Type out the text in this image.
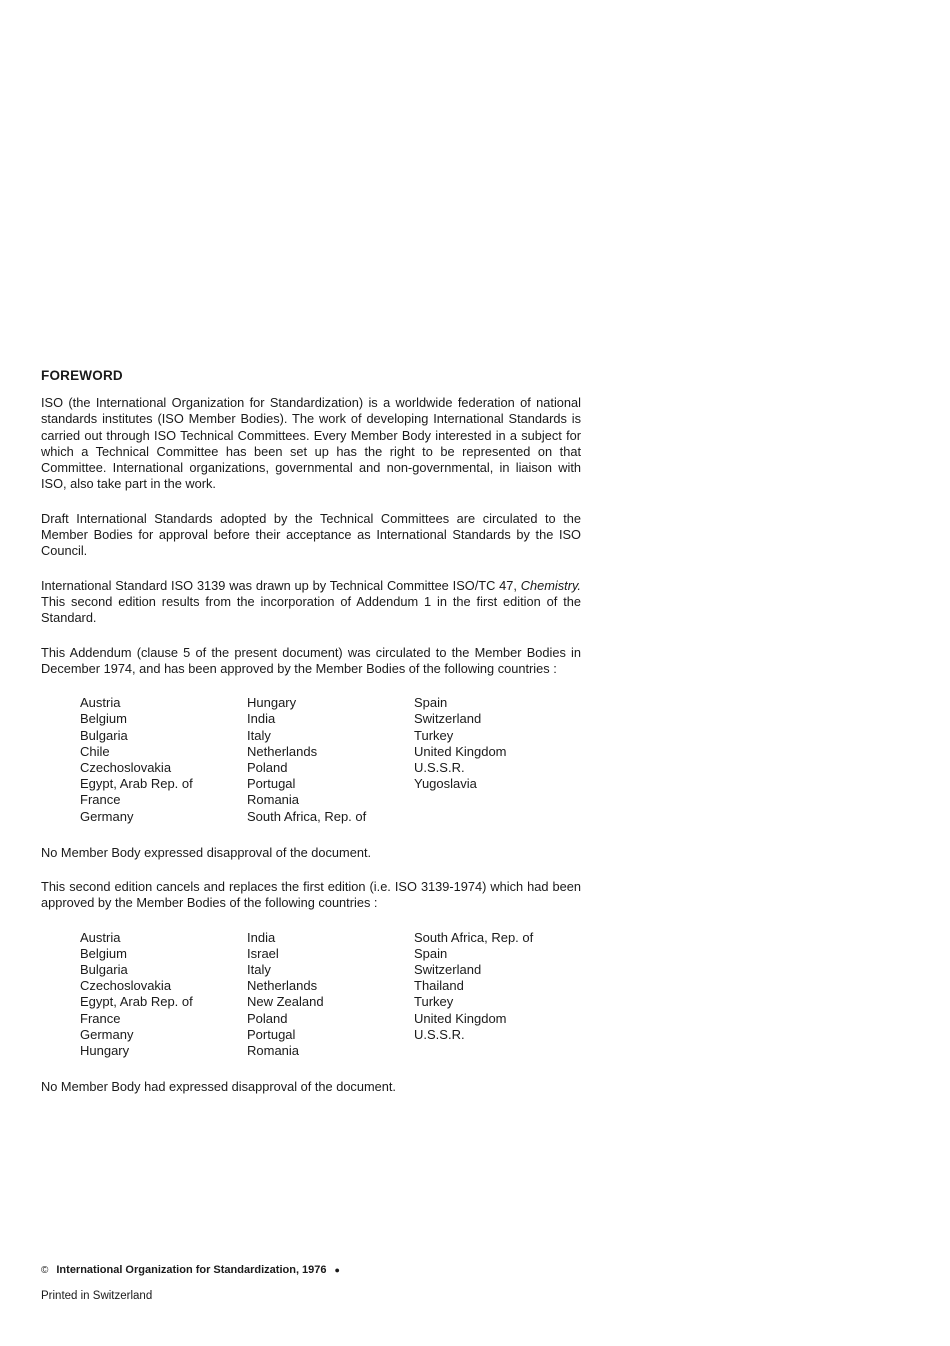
FOREWORD

ISO (the International Organization for Standardization) is a worldwide federation of national standards institutes (ISO Member Bodies). The work of developing International Standards is carried out through ISO Technical Committees. Every Member Body interested in a subject for which a Technical Committee has been set up has the right to be represented on that Committee. International organizations, governmental and non-governmental, in liaison with ISO, also take part in the work.

Draft International Standards adopted by the Technical Committees are circulated to the Member Bodies for approval before their acceptance as International Standards by the ISO Council.

International Standard ISO 3139 was drawn up by Technical Committee ISO/TC 47, Chemistry. This second edition results from the incorporation of Addendum 1 in the first edition of the Standard.

This Addendum (clause 5 of the present document) was circulated to the Member Bodies in December 1974, and has been approved by the Member Bodies of the following countries :

Austria
Belgium
Bulgaria
Chile
Czechoslovakia
Egypt, Arab Rep. of
France
Germany
Hungary
India
Italy
Netherlands
Poland
Portugal
Romania
South Africa, Rep. of
Spain
Switzerland
Turkey
United Kingdom
U.S.S.R.
Yugoslavia

No Member Body expressed disapproval of the document.

This second edition cancels and replaces the first edition (i.e. ISO 3139-1974) which had been approved by the Member Bodies of the following countries :

Austria
Belgium
Bulgaria
Czechoslovakia
Egypt, Arab Rep. of
France
Germany
Hungary
India
Israel
Italy
Netherlands
New Zealand
Poland
Portugal
Romania
South Africa, Rep. of
Spain
Switzerland
Thailand
Turkey
United Kingdom
U.S.S.R.

No Member Body had expressed disapproval of the document.

© International Organization for Standardization, 1976 ●
Printed in Switzerland
